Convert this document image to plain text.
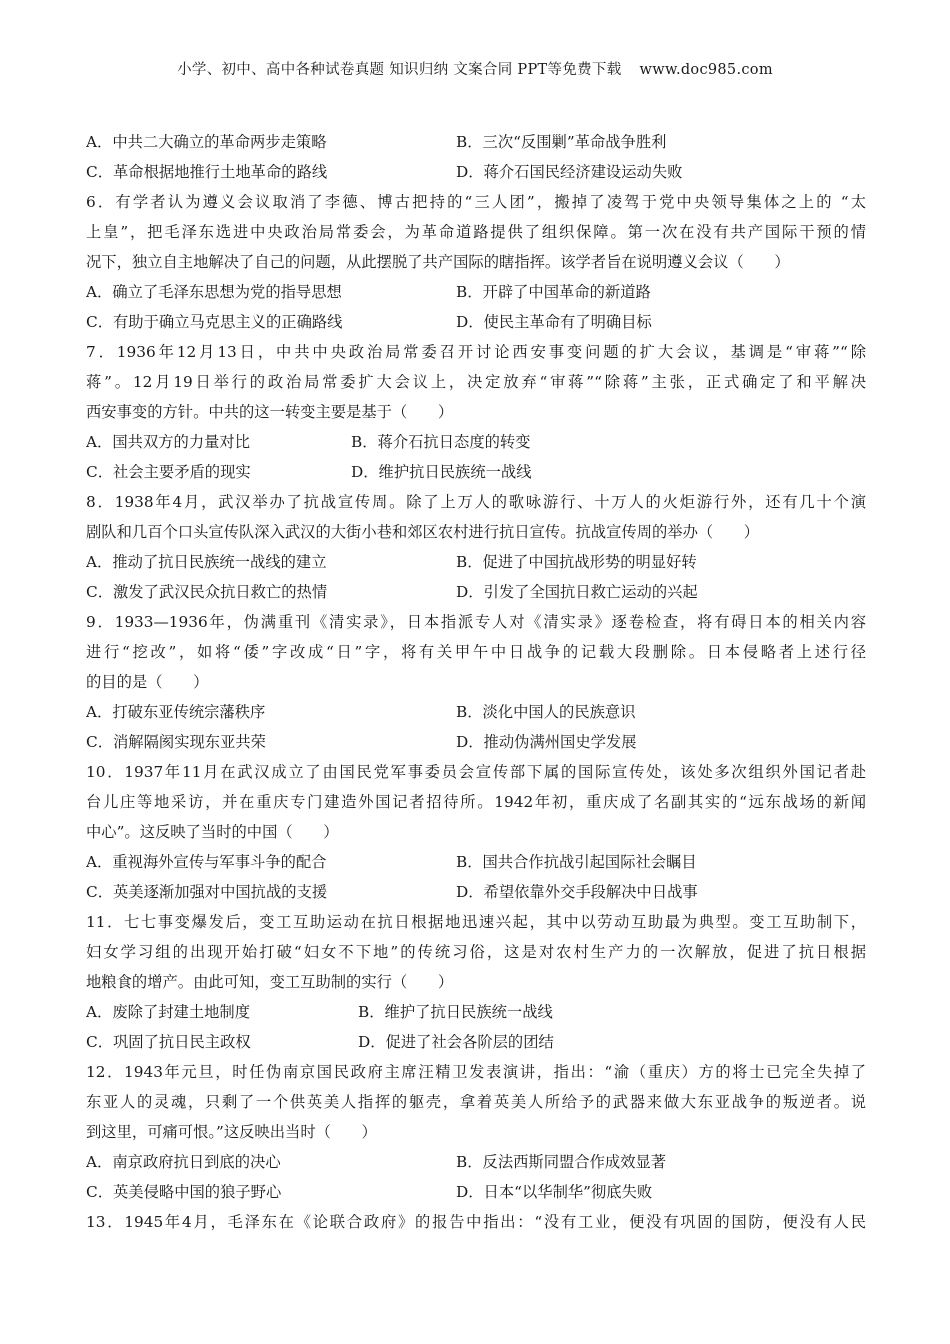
小学、初中、高中各种试卷真题 知识归纳 文案合同 PPT等免费下载 www.doc985.com
A．中共二大确立的革命两步走策略	B．三次“反围剿”革命战争胜利
C．革命根据地推行土地革命的路线	D．蒋介石国民经济建设运动失败
6．有学者认为遵义会议取消了李德、博古把持的“三人团”，搬掉了凌驾于党中央领导集体之上的 “太
上皇”，把毛泽东选进中央政治局常委会，为革命道路提供了组织保障。第一次在没有共产国际干预的情
况下，独立自主地解决了自己的问题，从此摆脱了共产国际的瞎指挥。该学者旨在说明遵义会议（　　）
A．确立了毛泽东思想为党的指导思想	B．开辟了中国革命的新道路
C．有助于确立马克思主义的正确路线	D．使民主革命有了明确目标
7．1936年12月13日，中共中央政治局常委召开讨论西安事变问题的扩大会议，基调是“审蒋”“除
蒋”。12月19日举行的政治局常委扩大会议上，决定放弃“审蒋”“除蒋”主张，正式确定了和平解决
西安事变的方针。中共的这一转变主要是基于（　　）
A．国共双方的力量对比	B．蒋介石抗日态度的转变
C．社会主要矛盾的现实	D．维护抗日民族统一战线
8．1938年4月，武汉举办了抗战宣传周。除了上万人的歌咏游行、十万人的火炬游行外，还有几十个演
剧队和几百个口头宣传队深入武汉的大街小巷和郊区农村进行抗日宣传。抗战宣传周的举办（　　）
A．推动了抗日民族统一战线的建立	B．促进了中国抗战形势的明显好转
C．激发了武汉民众抗日救亡的热情	D．引发了全国抗日救亡运动的兴起
9．1933—1936年，伪满重刊《清实录》，日本指派专人对《清实录》逐卷检查，将有碍日本的相关内容
进行“挖改”，如将“倭”字改成“日”字，将有关甲午中日战争的记载大段删除。日本侵略者上述行径
的目的是（　　）
A．打破东亚传统宗藩秩序	B．淡化中国人的民族意识
C．消解隔阂实现东亚共荣	D．推动伪满州国史学发展
10．1937年11月在武汉成立了由国民党军事委员会宣传部下属的国际宣传处，该处多次组织外国记者赴
台儿庄等地采访，并在重庆专门建造外国记者招待所。1942年初，重庆成了名副其实的“远东战场的新闻
中心”。这反映了当时的中国（　　）
A．重视海外宣传与军事斗争的配合	B．国共合作抗战引起国际社会瞩目
C．英美逐渐加强对中国抗战的支援	D．希望依靠外交手段解决中日战事
11．七七事变爆发后，变工互助运动在抗日根据地迅速兴起，其中以劳动互助最为典型。变工互助制下，
妇女学习组的出现开始打破“妇女不下地”的传统习俗，这是对农村生产力的一次解放，促进了抗日根据
地粮食的增产。由此可知，变工互助制的实行（　　）
A．废除了封建土地制度	B．维护了抗日民族统一战线
C．巩固了抗日民主政权	D．促进了社会各阶层的团结
12．1943年元旦，时任伪南京国民政府主席汪精卫发表演讲，指出：“渝（重庆）方的将士已完全失掉了
东亚人的灵魂，只剩了一个供英美人指挥的躯壳，拿着英美人所给予的武器来做大东亚战争的叛逆者。说
到这里，可痛可恨。”这反映出当时（　　）
A．南京政府抗日到底的决心	B．反法西斯同盟合作成效显著
C．英美侵略中国的狼子野心	D．日本“以华制华”彻底失败
13．1945年4月，毛泽东在《论联合政府》的报告中指出：“没有工业，便没有巩固的国防，便没有人民
